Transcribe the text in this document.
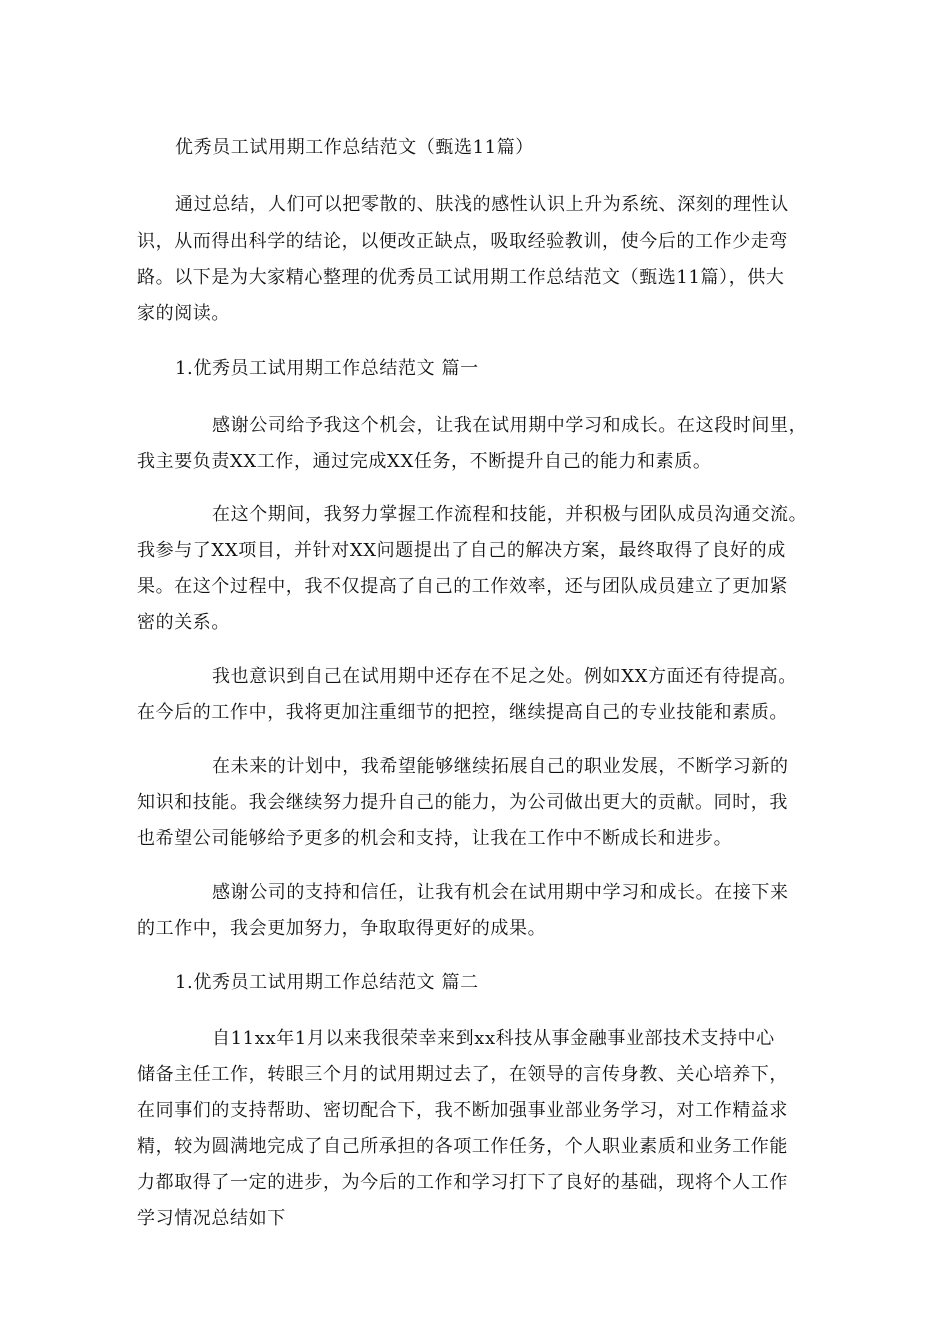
优秀员工试用期工作总结范文（甄选11篇）
通过总结，人们可以把零散的、肤浅的感性认识上升为系统、深刻的理性认
识，从而得出科学的结论，以便改正缺点，吸取经验教训，使今后的工作少走弯
路。以下是为大家精心整理的优秀员工试用期工作总结范文（甄选11篇），供大
家的阅读。
1.优秀员工试用期工作总结范文 篇一
感谢公司给予我这个机会，让我在试用期中学习和成长。在这段时间里，
我主要负责XX工作，通过完成XX任务，不断提升自己的能力和素质。
在这个期间，我努力掌握工作流程和技能，并积极与团队成员沟通交流。
我参与了XX项目，并针对XX问题提出了自己的解决方案，最终取得了良好的成
果。在这个过程中，我不仅提高了自己的工作效率，还与团队成员建立了更加紧
密的关系。
我也意识到自己在试用期中还存在不足之处。例如XX方面还有待提高。
在今后的工作中，我将更加注重细节的把控，继续提高自己的专业技能和素质。
在未来的计划中，我希望能够继续拓展自己的职业发展，不断学习新的
知识和技能。我会继续努力提升自己的能力，为公司做出更大的贡献。同时，我
也希望公司能够给予更多的机会和支持，让我在工作中不断成长和进步。
感谢公司的支持和信任，让我有机会在试用期中学习和成长。在接下来
的工作中，我会更加努力，争取取得更好的成果。
1.优秀员工试用期工作总结范文 篇二
自11xx年1月以来我很荣幸来到xx科技从事金融事业部技术支持中心
储备主任工作，转眼三个月的试用期过去了，在领导的言传身教、关心培养下，
在同事们的支持帮助、密切配合下，我不断加强事业部业务学习，对工作精益求
精，较为圆满地完成了自己所承担的各项工作任务，个人职业素质和业务工作能
力都取得了一定的进步，为今后的工作和学习打下了良好的基础，现将个人工作
学习情况总结如下
